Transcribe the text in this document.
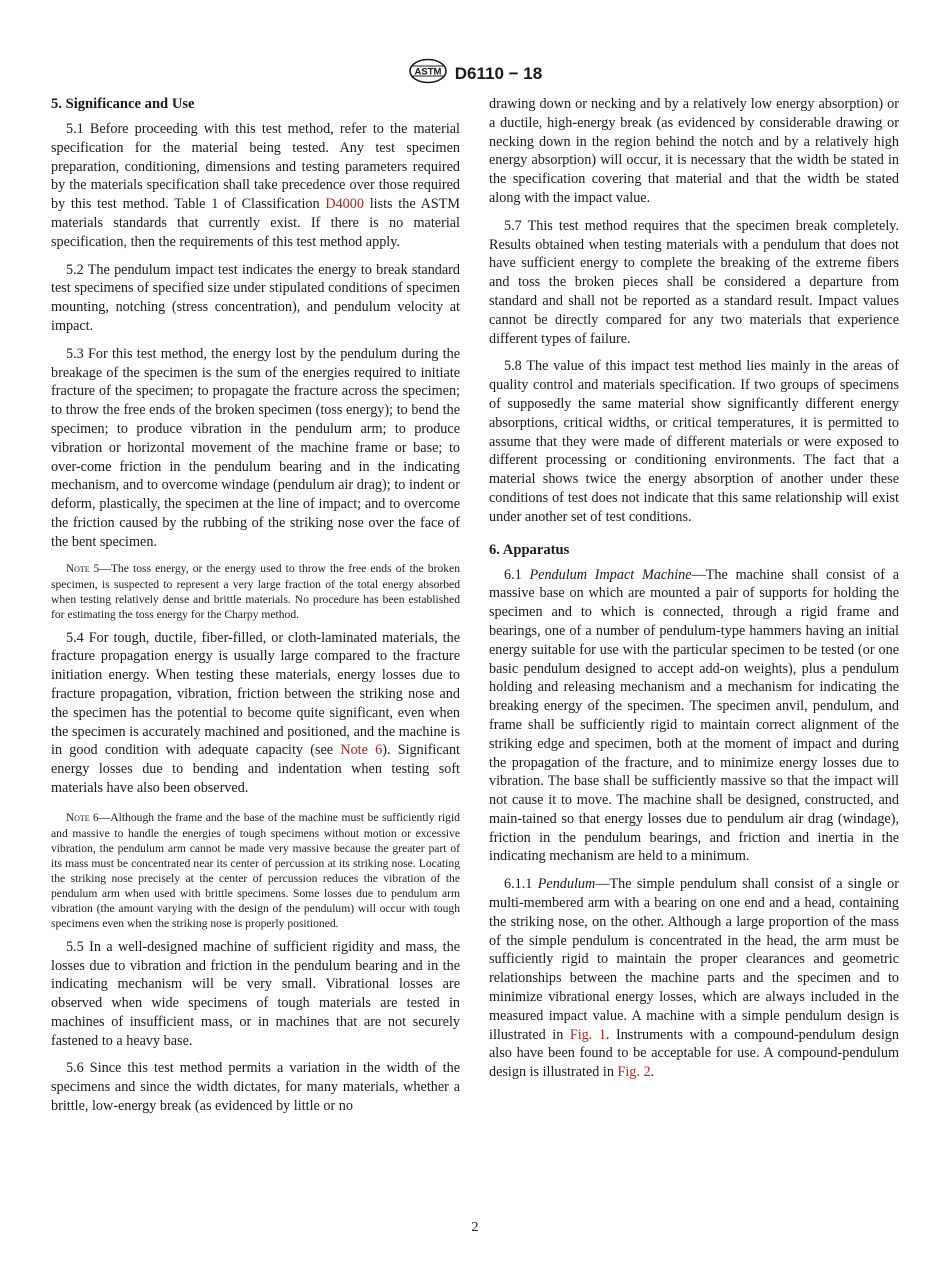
ASTM D6110 − 18
5. Significance and Use

5.1 Before proceeding with this test method, refer to the material specification for the material being tested. Any test specimen preparation, conditioning, dimensions and testing parameters required by the materials specification shall take precedence over those required by this test method. Table 1 of Classification D4000 lists the ASTM materials standards that currently exist. If there is no material specification, then the requirements of this test method apply.

5.2 The pendulum impact test indicates the energy to break standard test specimens of specified size under stipulated conditions of specimen mounting, notching (stress concentration), and pendulum velocity at impact.

5.3 For this test method, the energy lost by the pendulum during the breakage of the specimen is the sum of the energies required to initiate fracture of the specimen; to propagate the fracture across the specimen; to throw the free ends of the broken specimen (toss energy); to bend the specimen; to produce vibration in the pendulum arm; to produce vibration or horizontal movement of the machine frame or base; to over-come friction in the pendulum bearing and in the indicating mechanism, and to overcome windage (pendulum air drag); to indent or deform, plastically, the specimen at the line of impact; and to overcome the friction caused by the rubbing of the striking nose over the face of the bent specimen.

Note 5—The toss energy, or the energy used to throw the free ends of the broken specimen, is suspected to represent a very large fraction of the total energy absorbed when testing relatively dense and brittle materials. No procedure has been established for estimating the toss energy for the Charpy method.

5.4 For tough, ductile, fiber-filled, or cloth-laminated materials, the fracture propagation energy is usually large compared to the fracture initiation energy. When testing these materials, energy losses due to fracture propagation, vibration, friction between the striking nose and the specimen has the potential to become quite significant, even when the specimen is accurately machined and positioned, and the machine is in good condition with adequate capacity (see Note 6). Significant energy losses due to bending and indentation when testing soft materials have also been observed.

Note 6—Although the frame and the base of the machine must be sufficiently rigid and massive to handle the energies of tough specimens without motion or excessive vibration, the pendulum arm cannot be made very massive because the greater part of its mass must be concentrated near its center of percussion at its striking nose. Locating the striking nose precisely at the center of percussion reduces the vibration of the pendulum arm when used with brittle specimens. Some losses due to pendulum arm vibration (the amount varying with the design of the pendulum) will occur with tough specimens even when the striking nose is properly positioned.

5.5 In a well-designed machine of sufficient rigidity and mass, the losses due to vibration and friction in the pendulum bearing and in the indicating mechanism will be very small. Vibrational losses are observed when wide specimens of tough materials are tested in machines of insufficient mass, or in machines that are not securely fastened to a heavy base.

5.6 Since this test method permits a variation in the width of the specimens and since the width dictates, for many materials, whether a brittle, low-energy break (as evidenced by little or no

drawing down or necking and by a relatively low energy absorption) or a ductile, high-energy break (as evidenced by considerable drawing or necking down in the region behind the notch and by a relatively high energy absorption) will occur, it is necessary that the width be stated in the specification covering that material and that the width be stated along with the impact value.

5.7 This test method requires that the specimen break completely. Results obtained when testing materials with a pendulum that does not have sufficient energy to complete the breaking of the extreme fibers and toss the broken pieces shall be considered a departure from standard and shall not be reported as a standard result. Impact values cannot be directly compared for any two materials that experience different types of failure.

5.8 The value of this impact test method lies mainly in the areas of quality control and materials specification. If two groups of specimens of supposedly the same material show significantly different energy absorptions, critical widths, or critical temperatures, it is permitted to assume that they were made of different materials or were exposed to different processing or conditioning environments. The fact that a material shows twice the energy absorption of another under these conditions of test does not indicate that this same relationship will exist under another set of test conditions.

6. Apparatus

6.1 Pendulum Impact Machine—The machine shall consist of a massive base on which are mounted a pair of supports for holding the specimen and to which is connected, through a rigid frame and bearings, one of a number of pendulum-type hammers having an initial energy suitable for use with the particular specimen to be tested (or one basic pendulum designed to accept add-on weights), plus a pendulum holding and releasing mechanism and a mechanism for indicating the breaking energy of the specimen. The specimen anvil, pendulum, and frame shall be sufficiently rigid to maintain correct alignment of the striking edge and specimen, both at the moment of impact and during the propagation of the fracture, and to minimize energy losses due to vibration. The base shall be sufficiently massive so that the impact will not cause it to move. The machine shall be designed, constructed, and main-tained so that energy losses due to pendulum air drag (windage), friction in the pendulum bearings, and friction and inertia in the indicating mechanism are held to a minimum.

6.1.1 Pendulum—The simple pendulum shall consist of a single or multi-membered arm with a bearing on one end and a head, containing the striking nose, on the other. Although a large proportion of the mass of the simple pendulum is concentrated in the head, the arm must be sufficiently rigid to maintain the proper clearances and geometric relationships between the machine parts and the specimen and to minimize vibrational energy losses, which are always included in the measured impact value. A machine with a simple pendulum design is illustrated in Fig. 1. Instruments with a compound-pendulum design also have been found to be acceptable for use. A compound-pendulum design is illustrated in Fig. 2.

2
